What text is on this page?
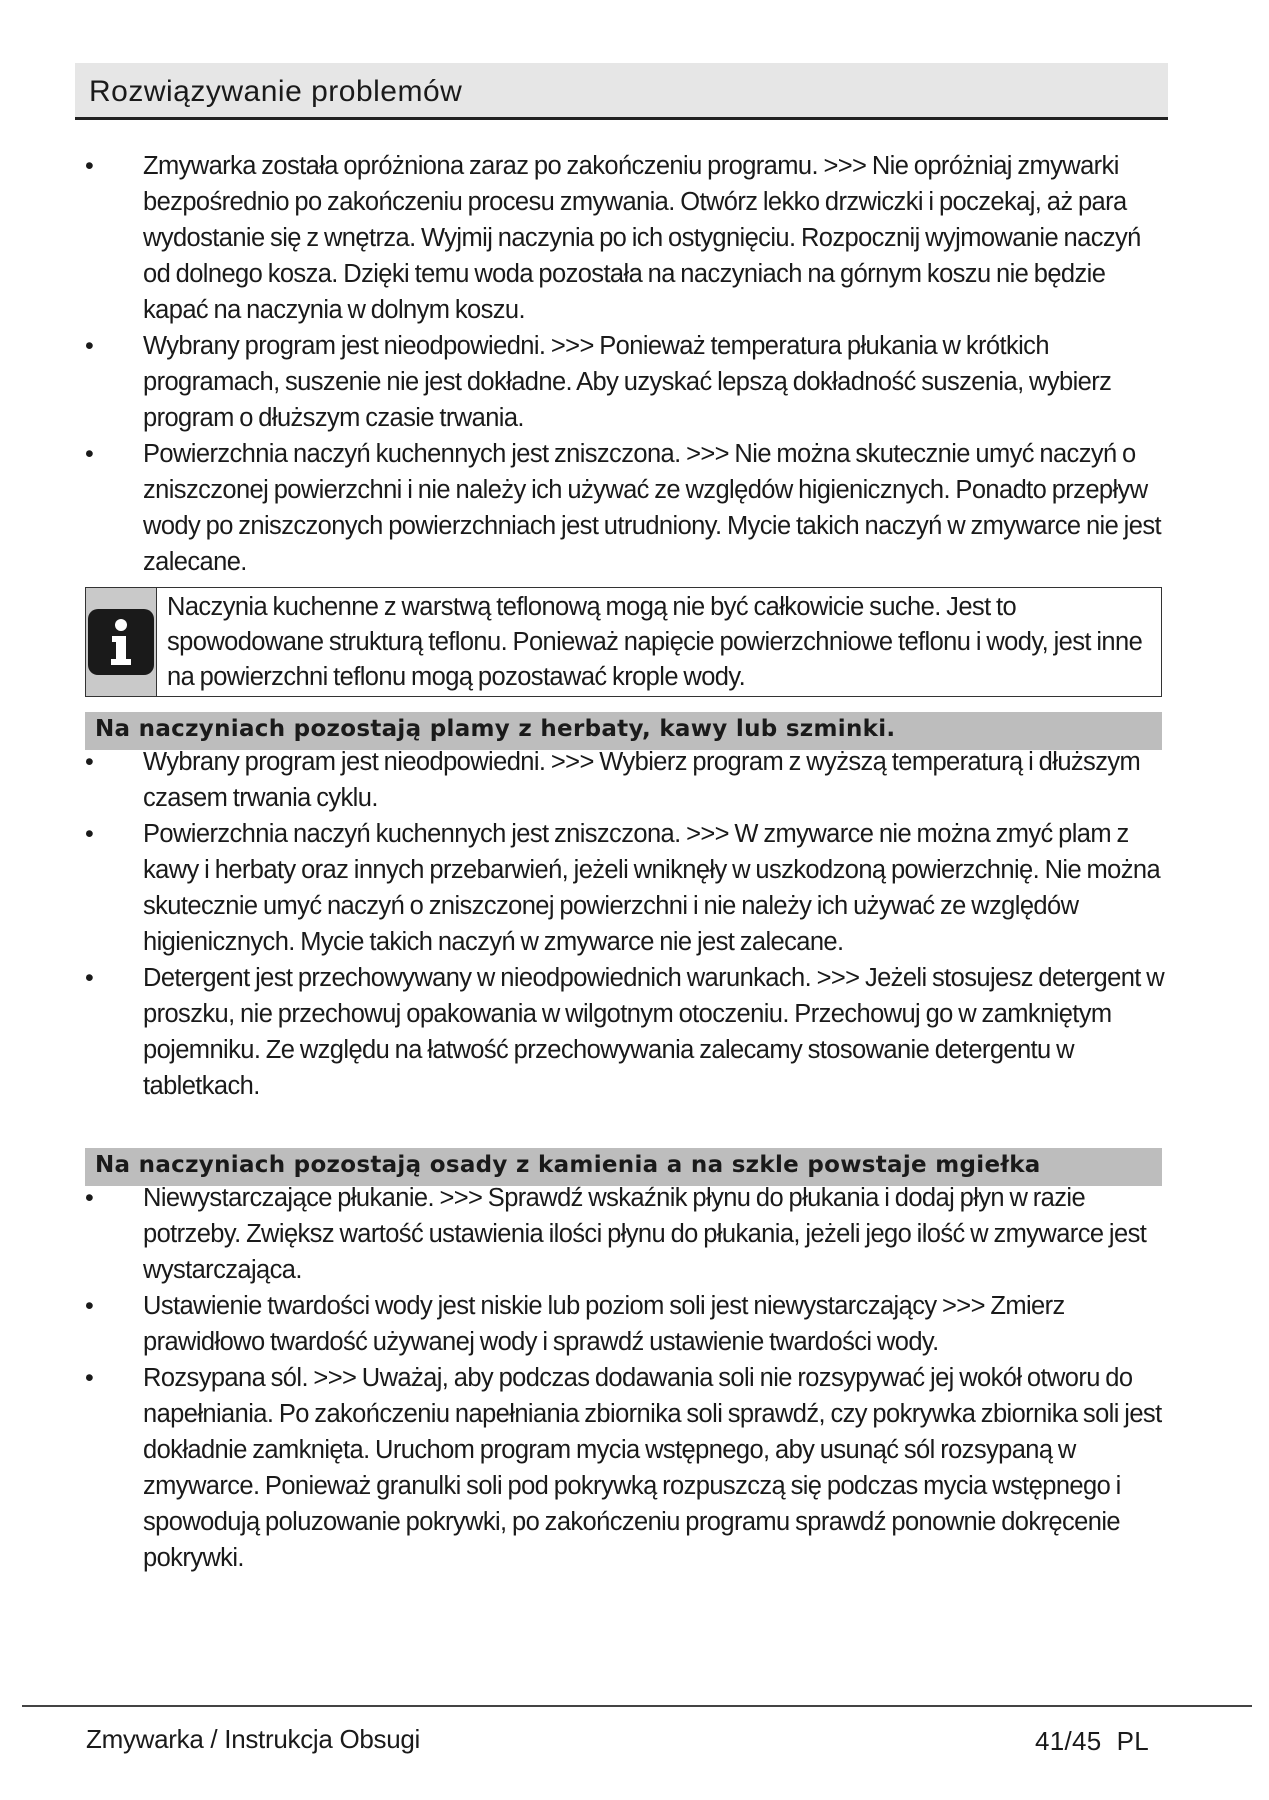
Rozwiązywanie problemów
• Zmywarka została opróżniona zaraz po zakończeniu programu. >>> Nie opróżniaj zmywarki bezpośrednio po zakończeniu procesu zmywania. Otwórz lekko drzwiczki i poczekaj, aż para wydostanie się z wnętrza. Wyjmij naczynia po ich ostygnięciu. Rozpocznij wyjmowanie naczyń od dolnego kosza. Dzięki temu woda pozostała na naczyniach na górnym koszu nie będzie kapać na naczynia w dolnym koszu.
• Wybrany program jest nieodpowiedni. >>> Ponieważ temperatura płukania w krótkich programach, suszenie nie jest dokładne. Aby uzyskać lepszą dokładność suszenia, wybierz program o dłuższym czasie trwania.
• Powierzchnia naczyń kuchennych jest zniszczona. >>> Nie można skutecznie umyć naczyń o zniszczonej powierzchni i nie należy ich używać ze względów higienicznych. Ponadto przepływ wody po zniszczonych powierzchniach jest utrudniony. Mycie takich naczyń w zmywarce nie jest zalecane.
Naczynia kuchenne z warstwą teflonową mogą nie być całkowicie suche. Jest to spowodowane strukturą teflonu. Ponieważ napięcie powierzchniowe teflonu i wody, jest inne na powierzchni teflonu mogą pozostawać krople wody.
Na naczyniach pozostają plamy z herbaty, kawy lub szminki.
• Wybrany program jest nieodpowiedni. >>> Wybierz program z wyższą temperaturą i dłuższym czasem trwania cyklu.
• Powierzchnia naczyń kuchennych jest zniszczona. >>> W zmywarce nie można zmyć plam z kawy i herbaty oraz innych przebarwień, jeżeli wniknęły w uszkodzoną powierzchnię. Nie można skutecznie umyć naczyń o zniszczonej powierzchni i nie należy ich używać ze względów higienicznych. Mycie takich naczyń w zmywarce nie jest zalecane.
• Detergent jest przechowywany w nieodpowiednich warunkach. >>> Jeżeli stosujesz detergent w proszku, nie przechowuj opakowania w wilgotnym otoczeniu. Przechowuj go w zamkniętym pojemniku. Ze względu na łatwość przechowywania zalecamy stosowanie detergentu w tabletkach.
Na naczyniach pozostają osady z kamienia a na szkle powstaje mgiełka
• Niewystarczające płukanie. >>> Sprawdź wskaźnik płynu do płukania i dodaj płyn w razie potrzeby. Zwiększ wartość ustawienia ilości płynu do płukania, jeżeli jego ilość w zmywarce jest wystarczająca.
• Ustawienie twardości wody jest niskie lub poziom soli jest niewystarczający >>> Zmierz prawidłowo twardość używanej wody i sprawdź ustawienie twardości wody.
• Rozsypana sól. >>> Uważaj, aby podczas dodawania soli nie rozsypywać jej wokół otworu do napełniania. Po zakończeniu napełniania zbiornika soli sprawdź, czy pokrywka zbiornika soli jest dokładnie zamknięta. Uruchom program mycia wstępnego, aby usunąć sól rozsypaną w zmywarce. Ponieważ granulki soli pod pokrywką rozpuszczą się podczas mycia wstępnego i spowodują poluzowanie pokrywki, po zakończeniu programu sprawdź ponownie dokręcenie pokrywki.
Zmywarka / Instrukcja Obsugi	41/45  PL
